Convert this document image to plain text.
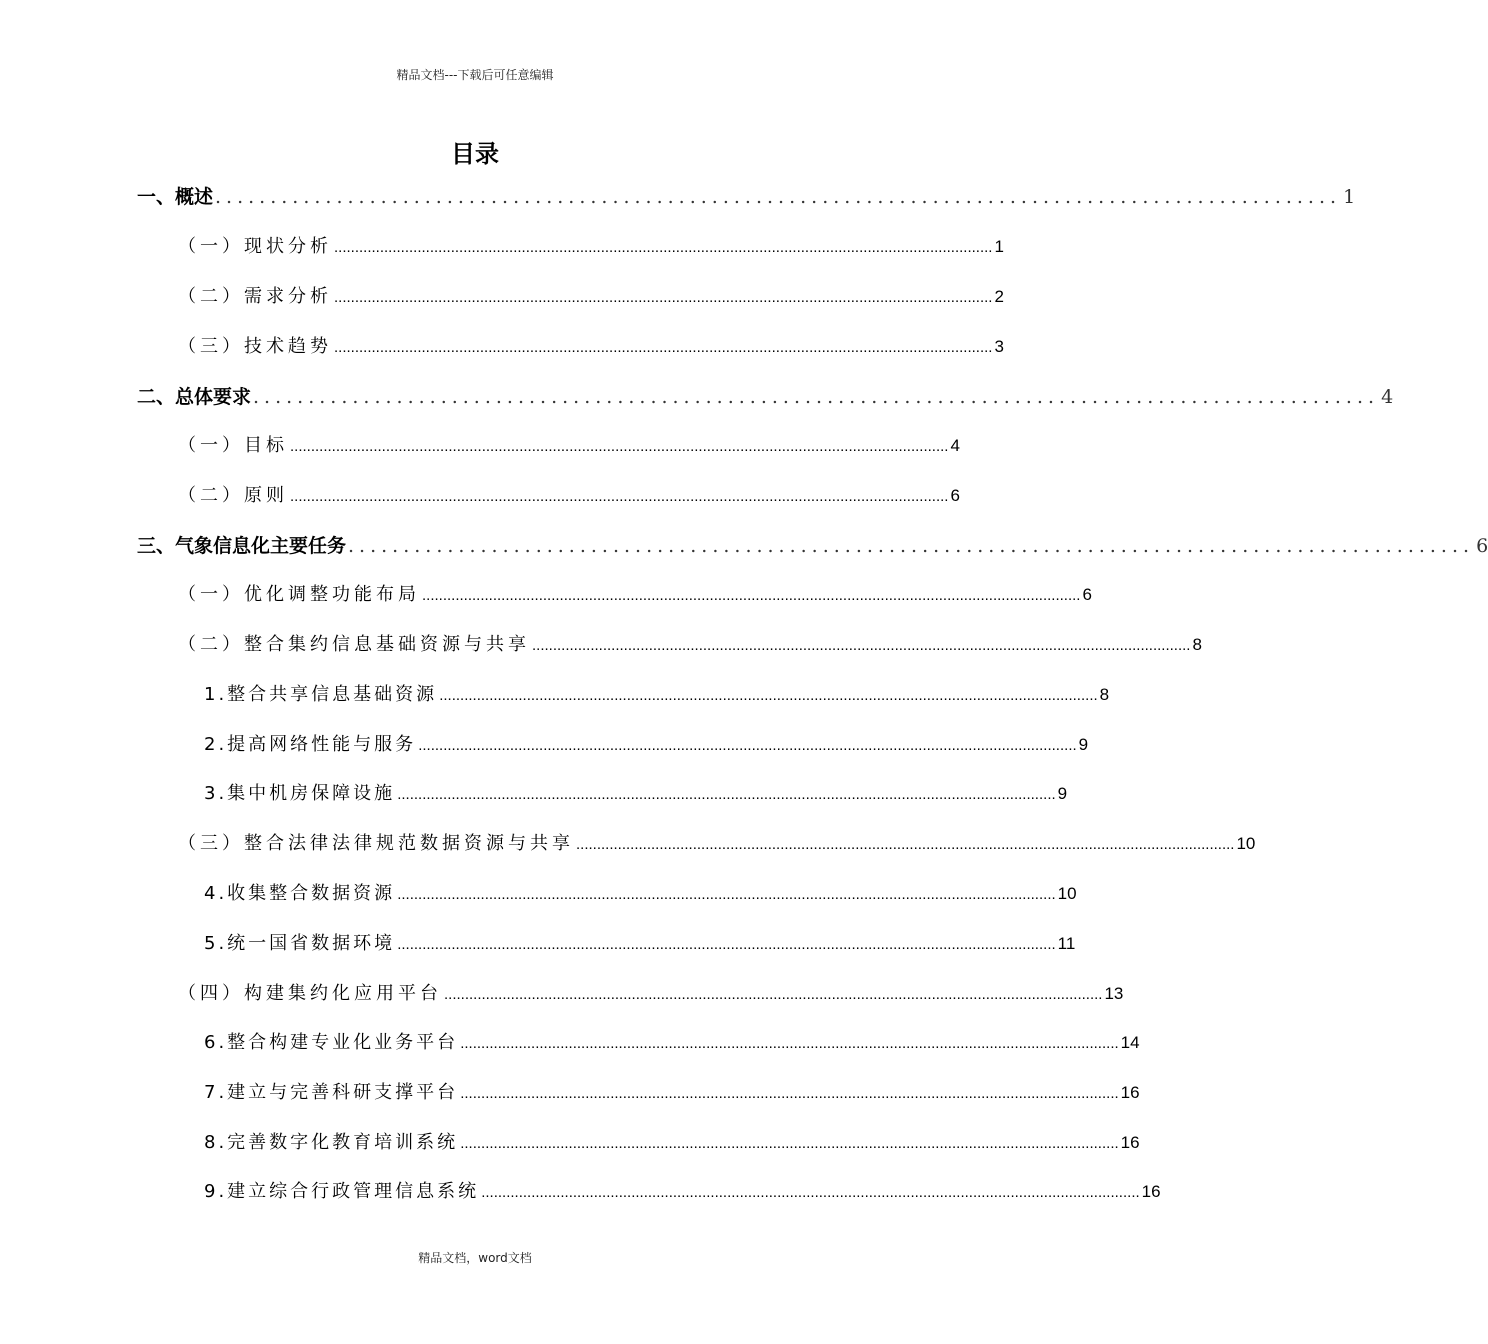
精品文档---下载后可任意编辑
目录
一、概述 ...................................................................................................... 1
（一）现状分析 .............................................................................................................................................................. 1
（二）需求分析 .............................................................................................................................................................. 2
（三）技术趋势 .............................................................................................................................................................. 3
二、总体要求 ...................................................................................................... 4
（一）目标 .............................................................................................................................................................. 4
（二）原则 .............................................................................................................................................................. 6
三、气象信息化主要任务 ...................................................................................................... 6
（一）优化调整功能布局 .............................................................................................................................................................. 6
（二）整合集约信息基础资源与共享 .............................................................................................................................................................. 8
1.整合共享信息基础资源 .............................................................................................................................................................. 8
2.提高网络性能与服务 .............................................................................................................................................................. 9
3.集中机房保障设施 .............................................................................................................................................................. 9
（三）整合法律法律规范数据资源与共享 .............................................................................................................................................................. 10
4.收集整合数据资源 .............................................................................................................................................................. 10
5.统一国省数据环境 .............................................................................................................................................................. 11
（四）构建集约化应用平台 .............................................................................................................................................................. 13
6.整合构建专业化业务平台 .............................................................................................................................................................. 14
7.建立与完善科研支撑平台 .............................................................................................................................................................. 16
8.完善数字化教育培训系统 .............................................................................................................................................................. 16
9.建立综合行政管理信息系统 .............................................................................................................................................................. 16
精品文档，word文档
